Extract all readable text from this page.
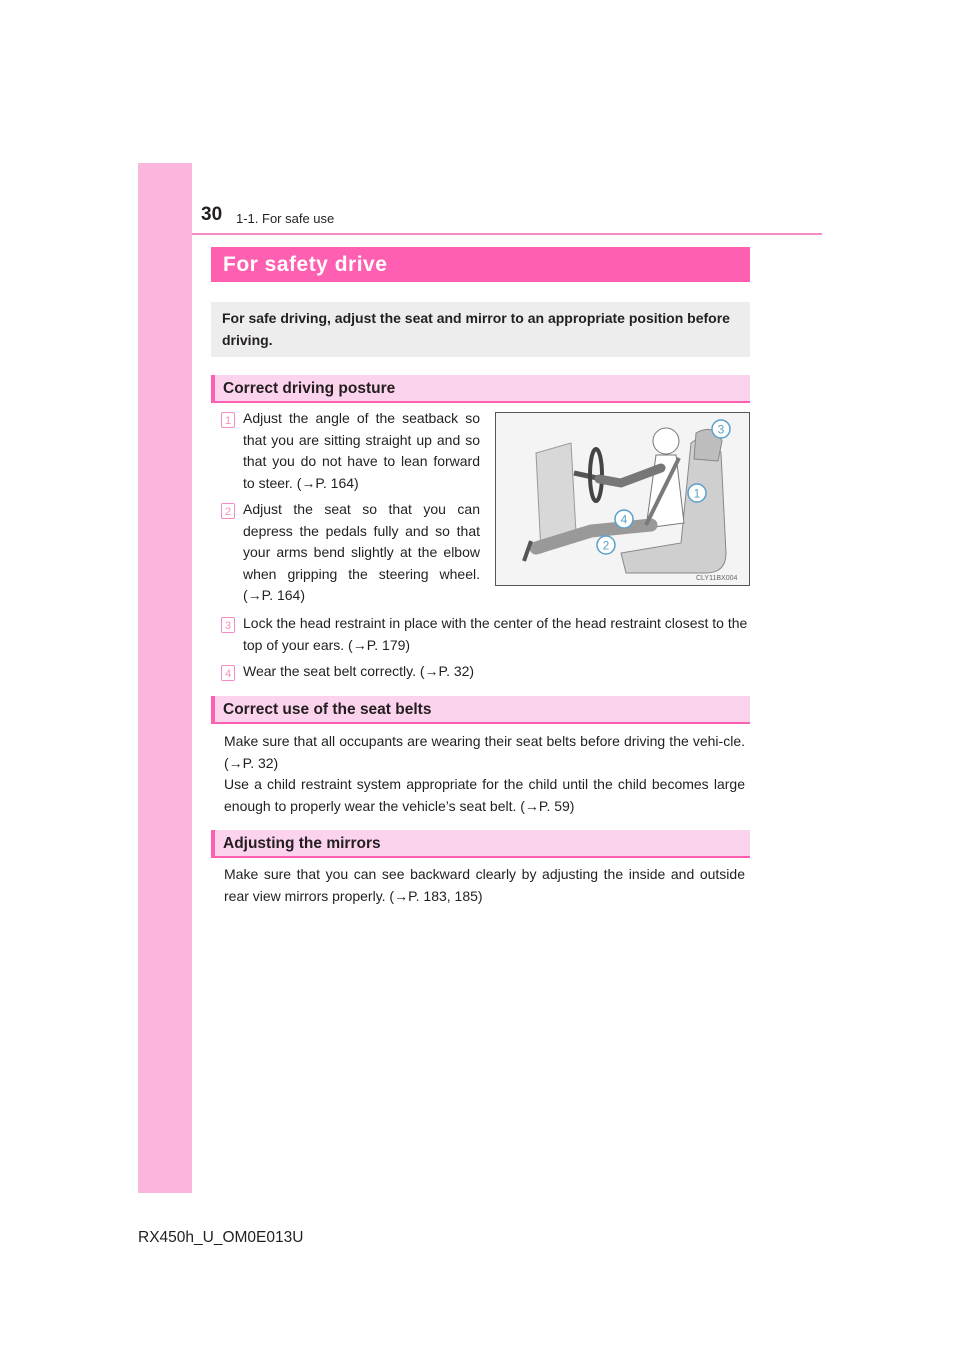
30 1-1. For safe use
For safety drive
For safe driving, adjust the seat and mirror to an appropriate position before driving.
Correct driving posture
1 Adjust the angle of the seatback so that you are sitting straight up and so that you do not have to lean forward to steer. (→P. 164)
2 Adjust the seat so that you can depress the pedals fully and so that your arms bend slightly at the elbow when gripping the steering wheel. (→P. 164)
3
1
4
2
CLY11BX004
3 Lock the head restraint in place with the center of the head restraint closest to the top of your ears. (→P. 179)
4 Wear the seat belt correctly. (→P. 32)
Correct use of the seat belts
Make sure that all occupants are wearing their seat belts before driving the vehi-cle. (→P. 32)
Use a child restraint system appropriate for the child until the child becomes large enough to properly wear the vehicle’s seat belt. (→P. 59)
Adjusting the mirrors
Make sure that you can see backward clearly by adjusting the inside and outside rear view mirrors properly. (→P. 183, 185)
RX450h_U_OM0E013U
